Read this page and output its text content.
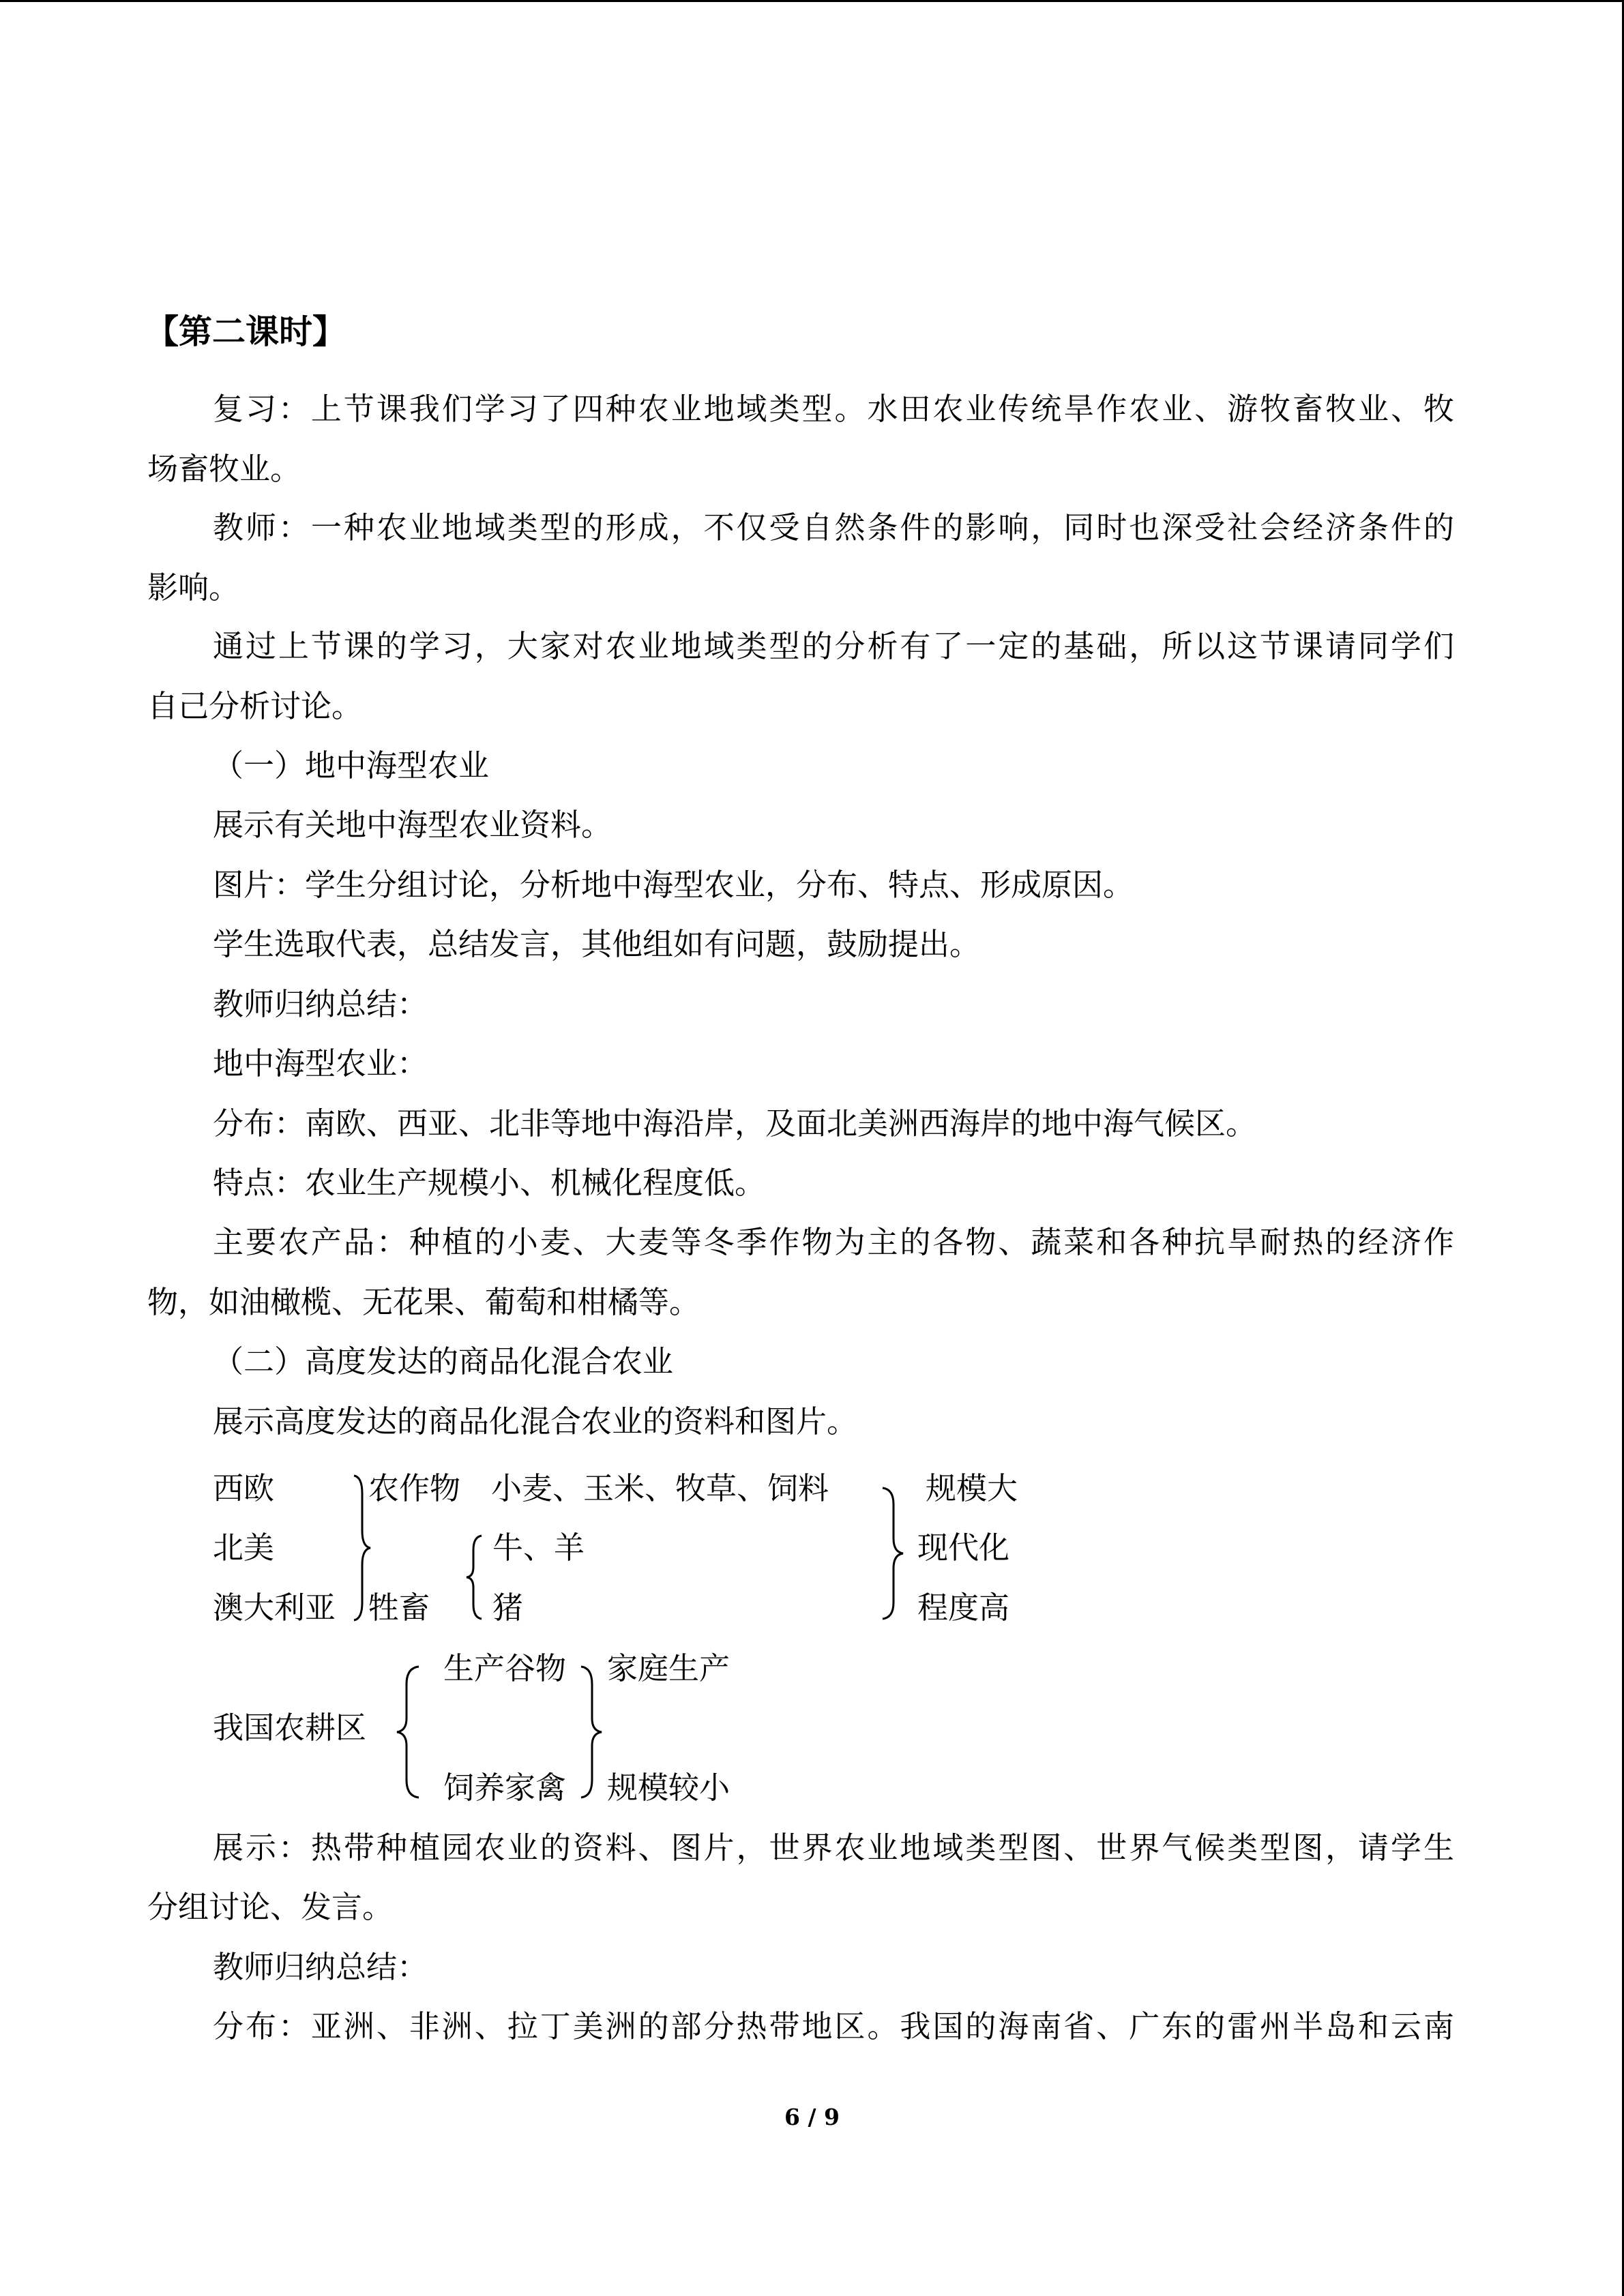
【第二课时】
复习：上节课我们学习了四种农业地域类型。水田农业传统旱作农业、游牧畜牧业、牧
场畜牧业。
教师：一种农业地域类型的形成，不仅受自然条件的影响，同时也深受社会经济条件的
影响。
通过上节课的学习，大家对农业地域类型的分析有了一定的基础，所以这节课请同学们
自己分析讨论。
（一）地中海型农业
展示有关地中海型农业资料。
图片：学生分组讨论，分析地中海型农业，分布、特点、形成原因。
学生选取代表，总结发言，其他组如有问题，鼓励提出。
教师归纳总结：
地中海型农业：
分布：南欧、西亚、北非等地中海沿岸，及面北美洲西海岸的地中海气候区。
特点：农业生产规模小、机械化程度低。
主要农产品：种植的小麦、大麦等冬季作物为主的各物、蔬菜和各种抗旱耐热的经济作
物，如油橄榄、无花果、葡萄和柑橘等。
（二）高度发达的商品化混合农业
展示高度发达的商品化混合农业的资料和图片。
西欧
北美
澳大利亚
农作物 小麦、玉米、牧草、饲料
牲畜
牛、羊
猪
规模大
现代化
程度高
我国农耕区
生产谷物
饲养家禽
家庭生产
规模较小
展示：热带种植园农业的资料、图片，世界农业地域类型图、世界气候类型图，请学生
分组讨论、发言。
教师归纳总结：
分布：亚洲、非洲、拉丁美洲的部分热带地区。我国的海南省、广东的雷州半岛和云南
6 / 9
